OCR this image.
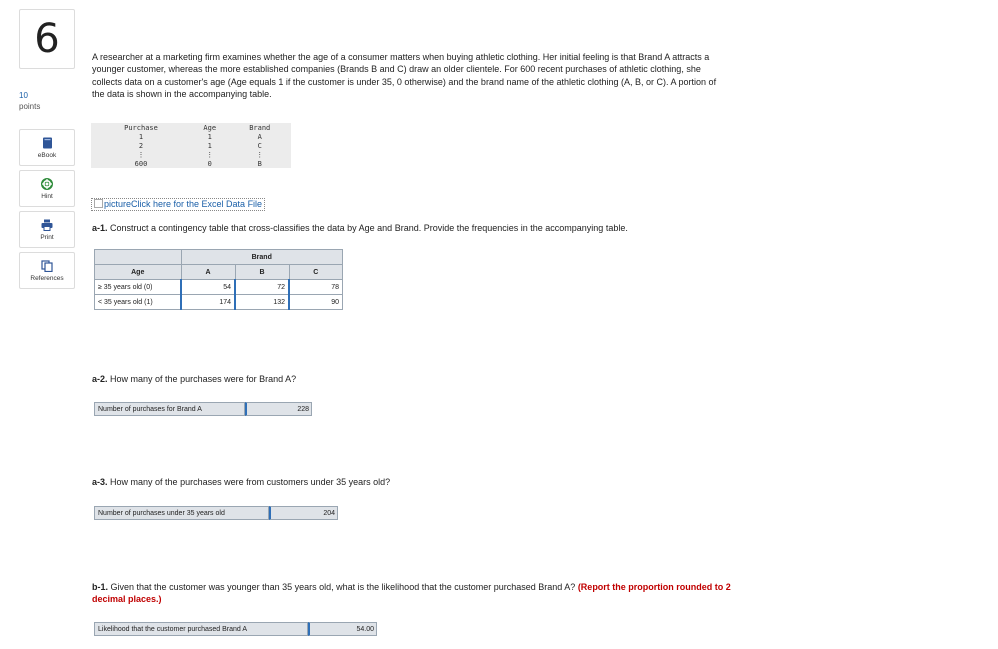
6
10
points
eBook
Hint
Print
References
A researcher at a marketing firm examines whether the age of a consumer matters when buying athletic clothing. Her initial feeling is that Brand A attracts a younger customer, whereas the more established companies (Brands B and C) draw an older clientele. For 600 recent purchases of athletic clothing, she collects data on a customer's age (Age equals 1 if the customer is under 35, 0 otherwise) and the brand name of the athletic clothing (A, B, or C). A portion of the data is shown in the accompanying table.
Purchase	Age	Brand
1	1	A
2	1	C
⋮	⋮	⋮
600	0	B
pictureClick here for the Excel Data File
a-1. Construct a contingency table that cross-classifies the data by Age and Brand. Provide the frequencies in the accompanying table.
	Brand		
Age	A	B	C
≥ 35 years old (0)	54	72	78
< 35 years old (1)	174	132	90
a-2. How many of the purchases were for Brand A?
Number of purchases for Brand A	228
a-3. How many of the purchases were from customers under 35 years old?
Number of purchases under 35 years old	204
b-1. Given that the customer was younger than 35 years old, what is the likelihood that the customer purchased Brand A? (Report the proportion rounded to 2 decimal places.)
Likelihood that the customer purchased Brand A	54.00
